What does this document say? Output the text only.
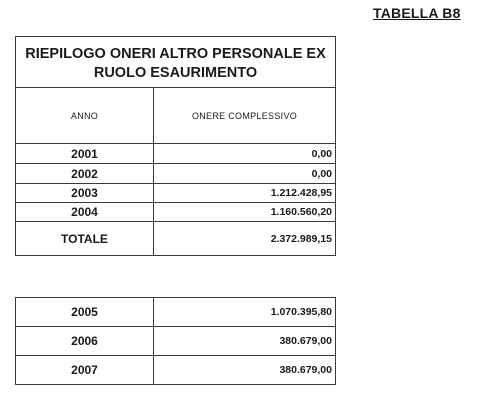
TABELLA B8
RIEPILOGO ONERI ALTRO PERSONALE EX
RUOLO ESAURIMENTO	

ANNO	ONERE COMPLESSIVO
2001	0,00
2002	0,00
2003	1.212.428,95
2004	1.160.560,20
TOTALE	2.372.989,15
2005	1.070.395,80
2006	380.679,00
2007	380.679,00
